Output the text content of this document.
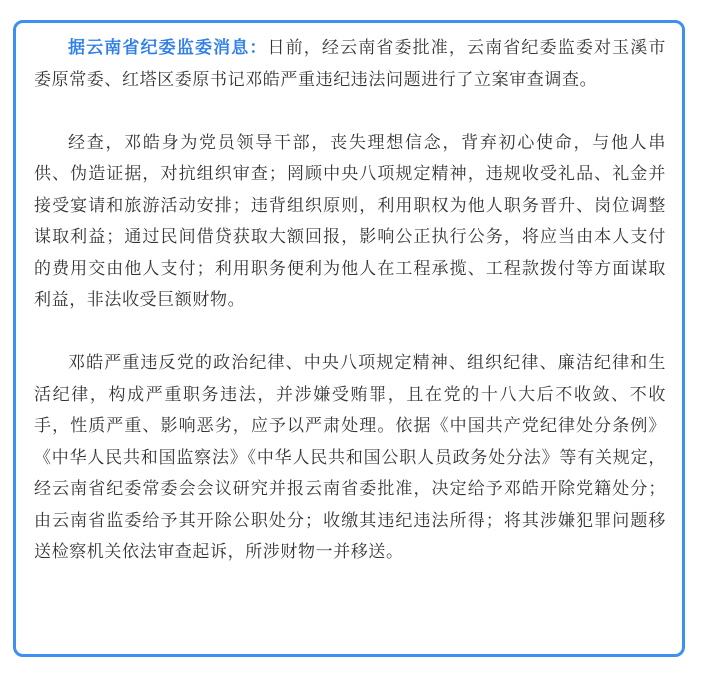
据云南省纪委监委消息：日前，经云南省委批准，云南省纪委监委对玉溪市委原常委、红塔区委原书记邓皓严重违纪违法问题进行了立案审查调查。

经查，邓皓身为党员领导干部，丧失理想信念，背弃初心使命，与他人串供、伪造证据，对抗组织审查；罔顾中央八项规定精神，违规收受礼品、礼金并接受宴请和旅游活动安排；违背组织原则，利用职权为他人职务晋升、岗位调整谋取利益；通过民间借贷获取大额回报，影响公正执行公务，将应当由本人支付的费用交由他人支付；利用职务便利为他人在工程承揽、工程款拨付等方面谋取利益，非法收受巨额财物。

邓皓严重违反党的政治纪律、中央八项规定精神、组织纪律、廉洁纪律和生活纪律，构成严重职务违法，并涉嫌受贿罪，且在党的十八大后不收敛、不收手，性质严重、影响恶劣，应予以严肃处理。依据《中国共产党纪律处分条例》《中华人民共和国监察法》《中华人民共和国公职人员政务处分法》等有关规定，经云南省纪委常委会会议研究并报云南省委批准，决定给予邓皓开除党籍处分；由云南省监委给予其开除公职处分；收缴其违纪违法所得；将其涉嫌犯罪问题移送检察机关依法审查起诉，所涉财物一并移送。
